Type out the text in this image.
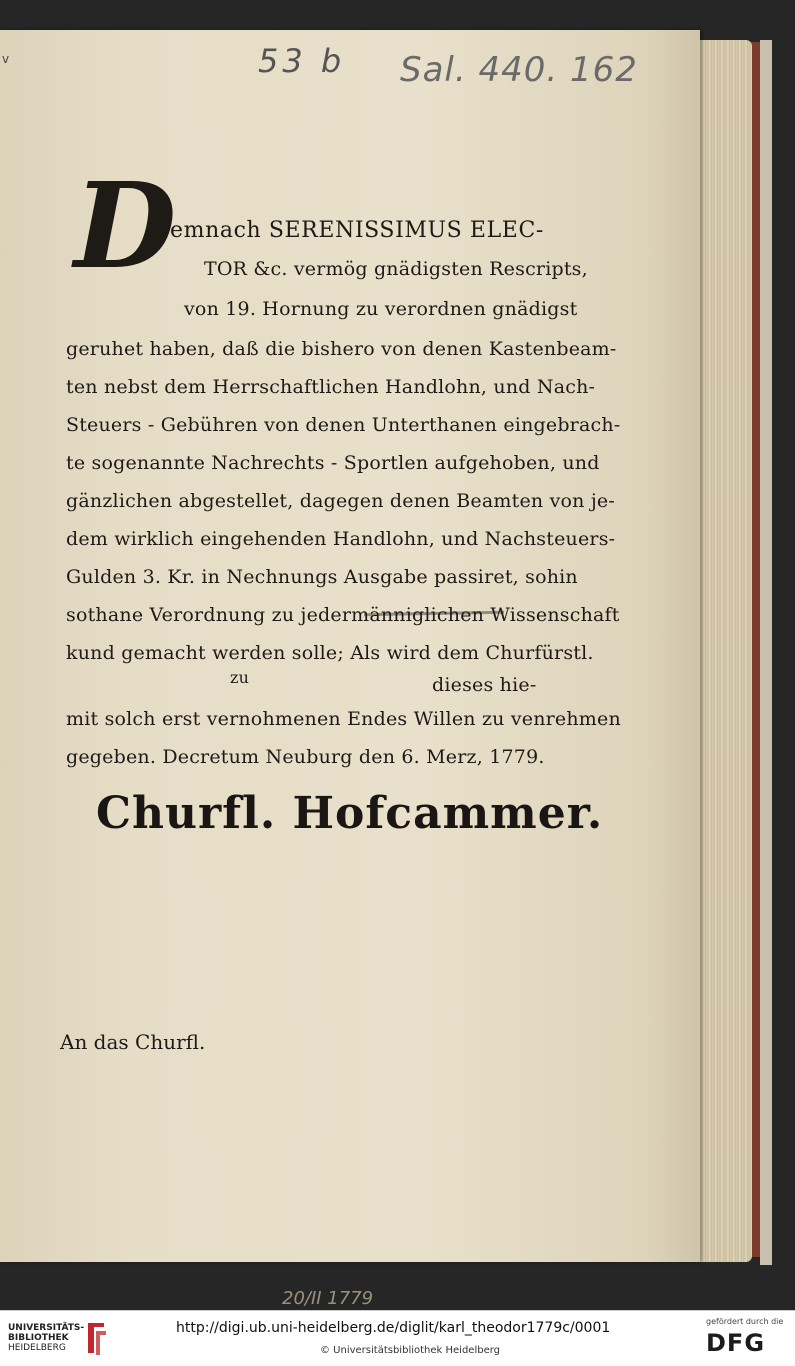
v	53 b Sal. 440. 162
D
emnach SERENISSIMUS ELEC-
TOR &c. vermög gnädigsten Rescripts,
von 19. Hornung zu verordnen gnädigst
geruhet haben, daß die bishero von denen Kastenbeam-
ten nebst dem Herrschaftlichen Handlohn, und Nach-
Steuers - Gebühren von denen Unterthanen eingebrach-
te sogenannte Nachrechts - Sportlen aufgehoben, und
gänzlichen abgestellet, dagegen denen Beamten von je-
dem wirklich eingehenden Handlohn, und Nachsteuers-
Gulden 3. Kr. in Nechnungs Ausgabe passiret, sohin
sothane Verordnung zu jedermänniglichen Wissenschaft
kund gemacht werden solle; Als wird dem Churfürstl.
zu	dieses hie-
mit solch erst vernohmenen Endes Willen zu venrehmen
gegeben. Decretum Neuburg den 6. Merz, 1779.
Churfl. Hofcammer.
An das Churfl.
20/II 1779
UNIVERSITÄTS-
BIBLIOTHEK
HEIDELBERG
http://digi.ub.uni-heidelberg.de/diglit/karl_theodor1779c/0001
© Universitätsbibliothek Heidelberg
gefördert durch die
DFG
